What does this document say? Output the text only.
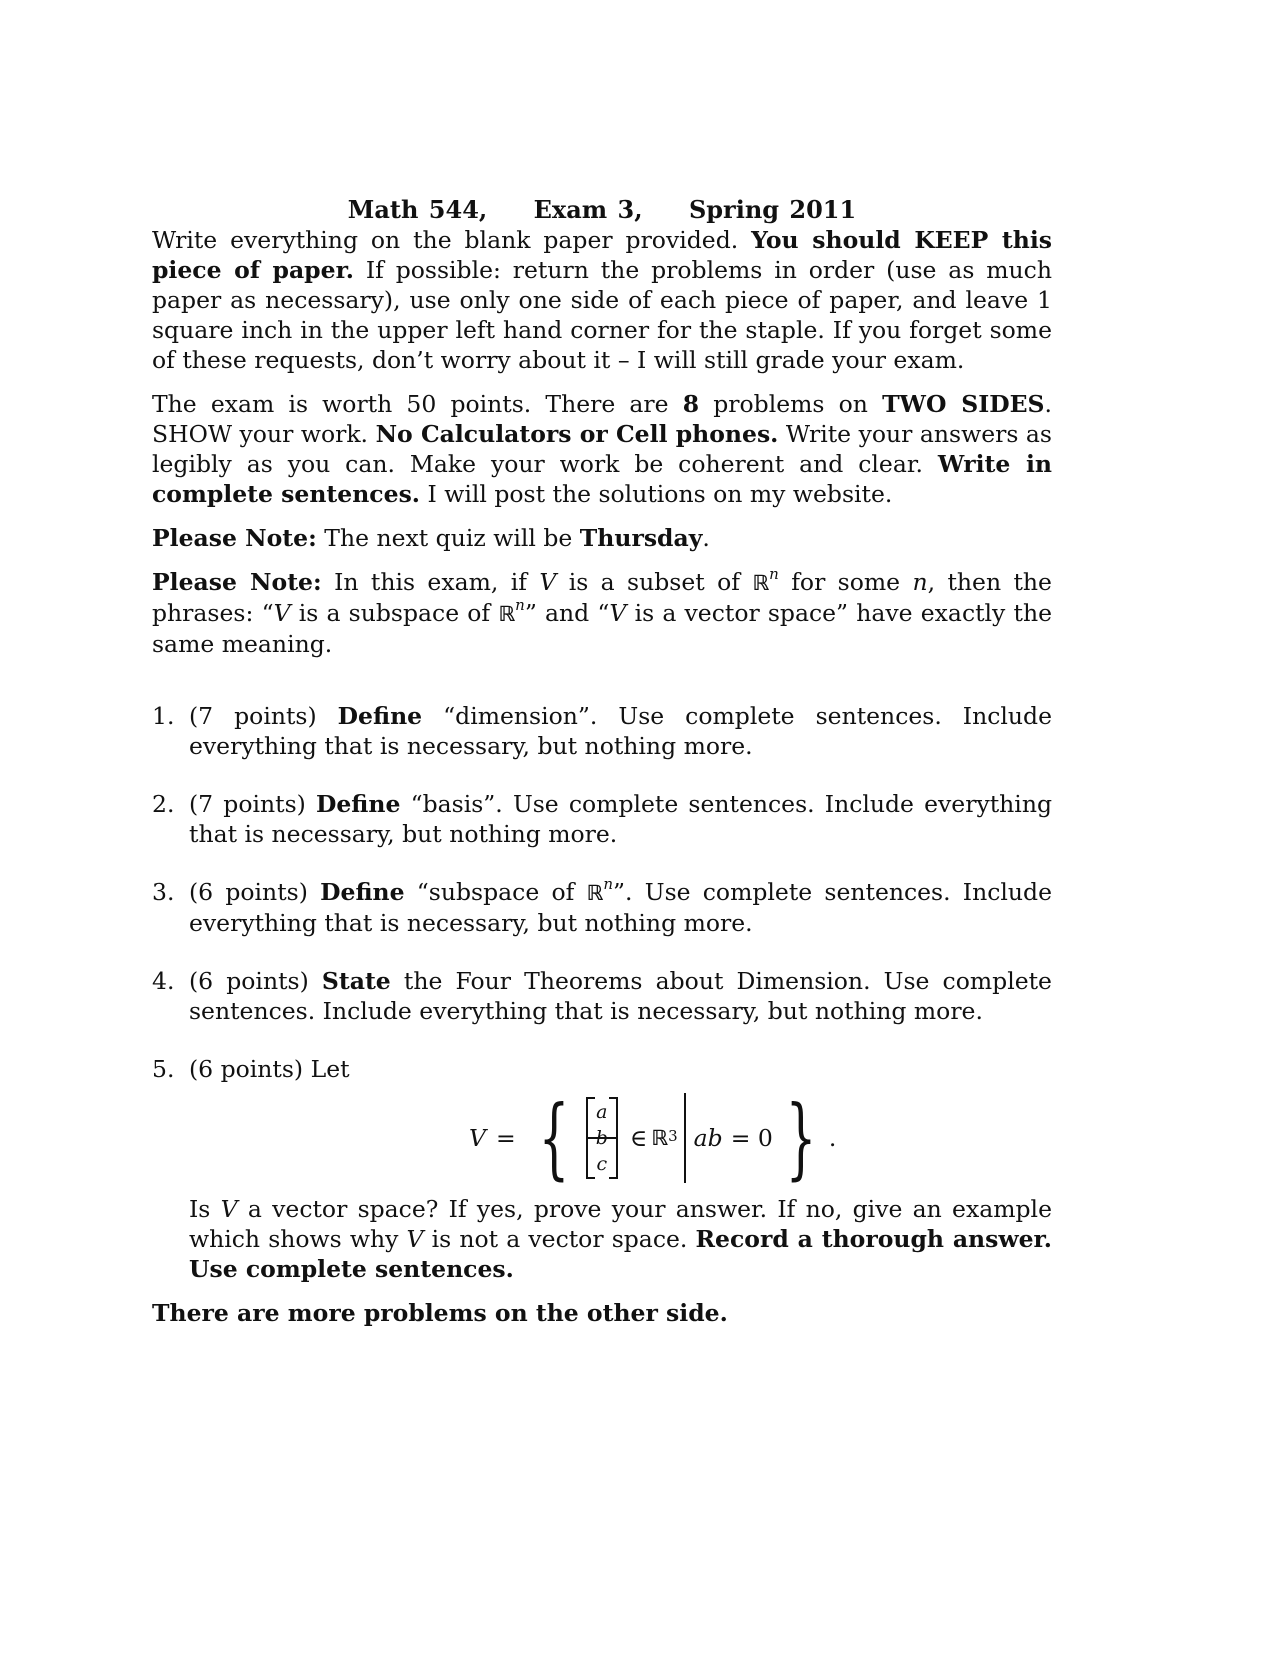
Math 544, Exam 3, Spring 2011

Write everything on the blank paper provided. You should KEEP this piece of paper. If possible: return the problems in order (use as much paper as necessary), use only one side of each piece of paper, and leave 1 square inch in the upper left hand corner for the staple. If you forget some of these requests, don’t worry about it – I will still grade your exam.

The exam is worth 50 points. There are 8 problems on TWO SIDES. SHOW your work. No Calculators or Cell phones. Write your answers as legibly as you can. Make your work be coherent and clear. Write in complete sentences. I will post the solutions on my website.

Please Note: The next quiz will be Thursday.

Please Note: In this exam, if V is a subset of ℝ$^n$ for some n, then the phrases: “V is a subspace of ℝ$^n$” and “V is a vector space” have exactly the same meaning.

1. (7 points) Define “dimension”. Use complete sentences. Include everything that is necessary, but nothing more.
2. (7 points) Define “basis”. Use complete sentences. Include everything that is necessary, but nothing more.
3. (6 points) Define “subspace of ℝ$^n$”. Use complete sentences. Include everything that is necessary, but nothing more.
4. (6 points) State the Four Theorems about Dimension. Use complete sentences. Include everything that is necessary, but nothing more.
5. (6 points) Let
V = { a
b
c
∈ ℝ$^3$ ab = 0 } .

Is V a vector space? If yes, prove your answer. If no, give an example which shows why V is not a vector space. Record a thorough answer. Use complete sentences.

There are more problems on the other side.
